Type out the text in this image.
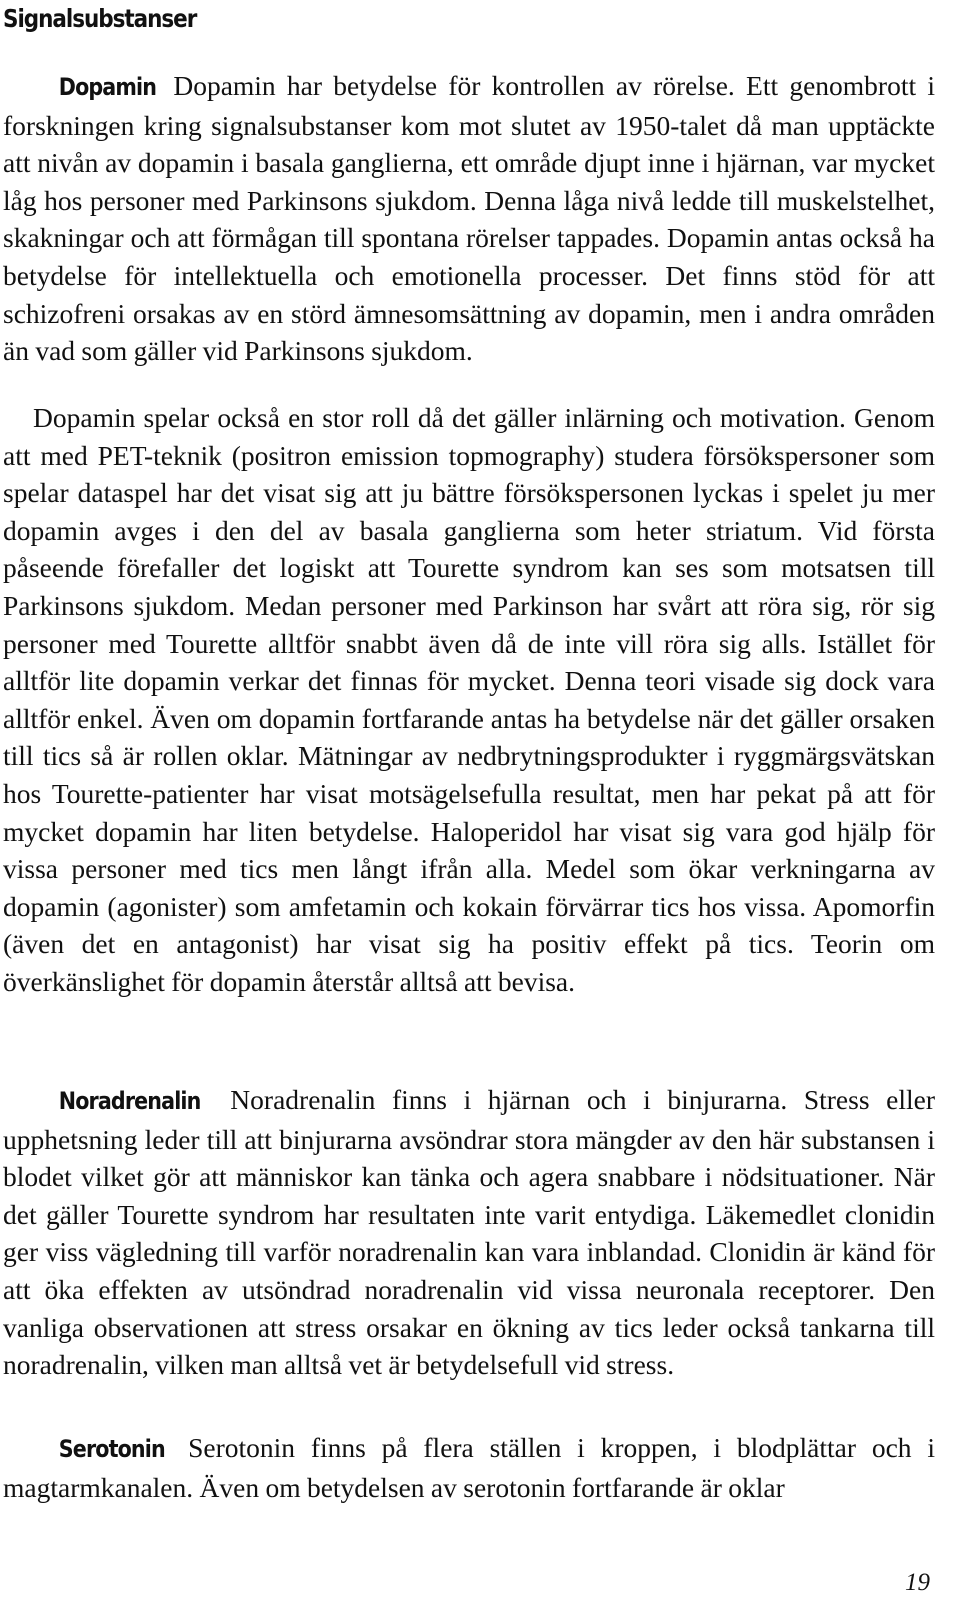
Signalsubstanser

Dopamin Dopamin har betydelse för kontrollen av rörelse. Ett genombrott i forskningen kring signalsubstanser kom mot slutet av 1950-talet då man upptäckte att nivån av dopamin i basala ganglierna, ett område djupt inne i hjärnan, var mycket låg hos personer med Parkinsons sjukdom. Denna låga nivå ledde till muskelstelhet, skakningar och att förmågan till spontana rörelser tappades. Dopamin antas också ha betydelse för intellektuella och emotionella processer. Det finns stöd för att schizofreni orsakas av en störd ämnesomsättning av dopamin, men i andra områden än vad som gäller vid Parkinsons sjukdom.

Dopamin spelar också en stor roll då det gäller inlärning och motivation. Genom att med PET-teknik (positron emission topmography) studera försökspersoner som spelar dataspel har det visat sig att ju bättre försökspersonen lyckas i spelet ju mer dopamin avges i den del av basala ganglierna som heter striatum. Vid första påseende förefaller det logiskt att Tourette syndrom kan ses som motsatsen till Parkinsons sjukdom. Medan personer med Parkinson har svårt att röra sig, rör sig personer med Tourette alltför snabbt även då de inte vill röra sig alls. Istället för alltför lite dopamin verkar det finnas för mycket. Denna teori visade sig dock vara alltför enkel. Även om dopamin fortfarande antas ha betydelse när det gäller orsaken till tics så är rollen oklar. Mätningar av nedbrytningsprodukter i ryggmärgsvätskan hos Tourette-patienter har visat motsägelsefulla resultat, men har pekat på att för mycket dopamin har liten betydelse. Haloperidol har visat sig vara god hjälp för vissa personer med tics men långt ifrån alla. Medel som ökar verkningarna av dopamin (agonister) som amfetamin och kokain förvärrar tics hos vissa. Apomorfin (även det en antagonist) har visat sig ha positiv effekt på tics. Teorin om överkänslighet för dopamin återstår alltså att bevisa.

Noradrenalin Noradrenalin finns i hjärnan och i binjurarna. Stress eller upphetsning leder till att binjurarna avsöndrar stora mängder av den här substansen i blodet vilket gör att människor kan tänka och agera snabbare i nödsituationer. När det gäller Tourette syndrom har resultaten inte varit entydiga. Läkemedlet clonidin ger viss vägledning till varför noradrenalin kan vara inblandad. Clonidin är känd för att öka effekten av utsöndrad noradrenalin vid vissa neuronala receptorer. Den vanliga observationen att stress orsakar en ökning av tics leder också tankarna till noradrenalin, vilken man alltså vet är betydelsefull vid stress.

Serotonin Serotonin finns på flera ställen i kroppen, i blodplättar och i magtarmkanalen. Även om betydelsen av serotonin fortfarande är oklar

19
